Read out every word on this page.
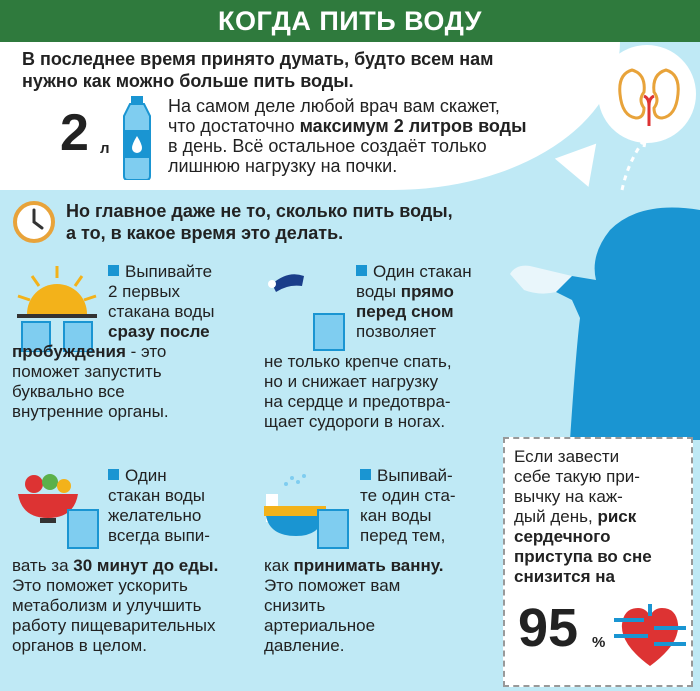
КОГДА ПИТЬ ВОДУ
В последнее время принято думать, будто всем нам
нужно как можно больше пить воды.
2 л
На самом деле любой врач вам скажет,
что достаточно максимум 2 литров воды
в день. Всё остальное создаёт только
лишнюю нагрузку на почки.
Но главное даже не то, сколько пить воды,
а то, в какое время это делать.
Выпивайте
2 первых
стакана воды
сразу после
пробуждения - это
поможет запустить
буквально все
внутренние органы.
Один стакан
воды прямо
перед сном
позволяет
не только крепче спать,
но и снижает нагрузку
на сердце и предотвра-
щает судороги в ногах.
Один
стакан воды
желательно
всегда выпи-
вать за 30 минут до еды.
Это поможет ускорить
метаболизм и улучшить
работу пищеварительных
органов в целом.
Выпивай-
те один ста-
кан воды
перед тем,
как принимать ванну.
Это поможет вам
снизить
артериальное
давление.
Если завести
себе такую при-
вычку на каж-
дый день, риск
сердечного
приступа во сне
снизится на
95 %
